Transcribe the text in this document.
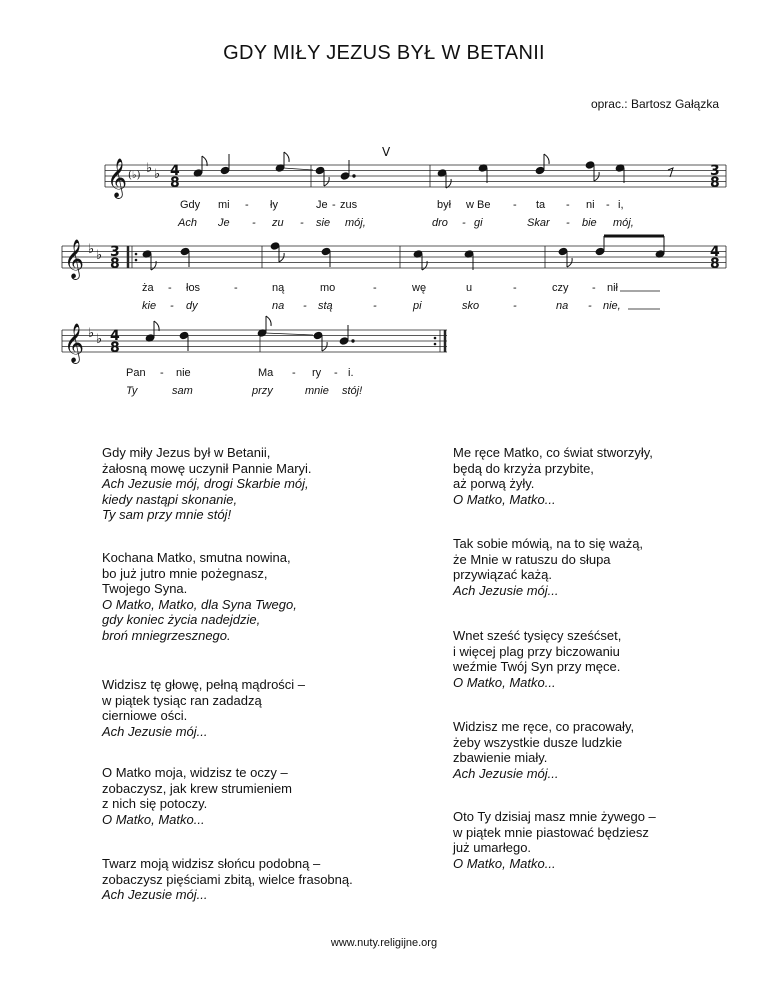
GDY MIŁY JEZUS BYŁ W BETANII
oprac.: Bartosz Gałązka
𝄞 (♭) ♭ ♭ 4
8
3
8
V
Gdy mi - ły	Je - zus	był w Be - ta - ni - i,
Ach Je - zu - sie mój,	dro - gi	Skar - bie mój,
𝄞 ♭ ♭ 3
8
4
8
ża - łos	-	ną	mo	-	wę	u	-	czy - nił
kie - dy	na - stą	-	pi	sko	-	na - nie,
𝄞 ♭ ♭ 4
8
Pan - nie	Ma - ry - i.
Ty	sam	przy	mnie stój!
Gdy miły Jezus był w Betanii,
żałosną mowę uczynił Pannie Maryi.
Ach Jezusie mój, drogi Skarbie mój,
kiedy nastąpi skonanie,
Ty sam przy mnie stój!
Kochana Matko, smutna nowina,
bo już jutro mnie pożegnasz,
Twojego Syna.
O Matko, Matko, dla Syna Twego,
gdy koniec życia nadejdzie,
broń mniegrzesznego.
Widzisz tę głowę, pełną mądrości –
w piątek tysiąc ran zadadzą
cierniowe ości.
Ach Jezusie mój...
O Matko moja, widzisz te oczy –
zobaczysz, jak krew strumieniem
z nich się potoczy.
O Matko, Matko...
Twarz moją widzisz słońcu podobną –
zobaczysz pięściami zbitą, wielce frasobną.
Ach Jezusie mój...
Me ręce Matko, co świat stworzyły,
będą do krzyża przybite,
aż porwą żyły.
O Matko, Matko...
Tak sobie mówią, na to się ważą,
że Mnie w ratuszu do słupa
przywiązać każą.
Ach Jezusie mój...
Wnet sześć tysięcy sześćset,
i więcej plag przy biczowaniu
weźmie Twój Syn przy męce.
O Matko, Matko...
Widzisz me ręce, co pracowały,
żeby wszystkie dusze ludzkie
zbawienie miały.
Ach Jezusie mój...
Oto Ty dzisiaj masz mnie żywego –
w piątek mnie piastować będziesz
już umarłego.
O Matko, Matko...
www.nuty.religijne.org
